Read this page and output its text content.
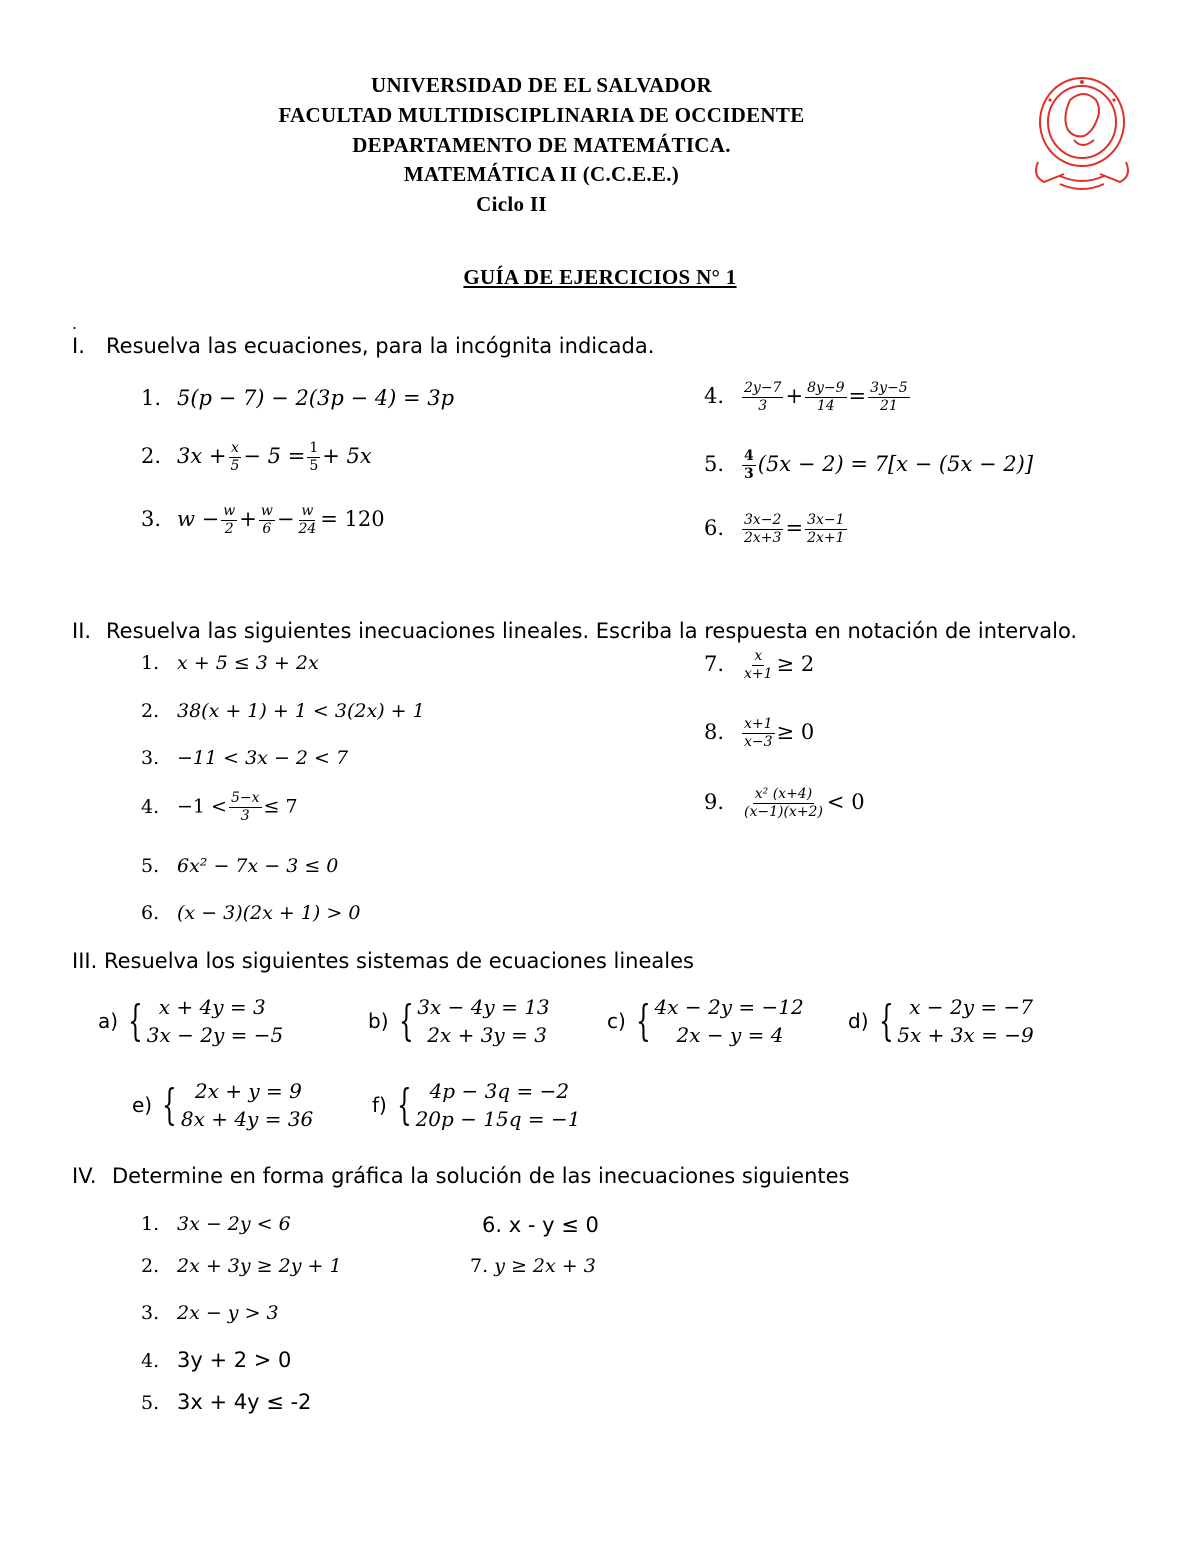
UNIVERSIDAD DE EL SALVADOR
FACULTAD MULTIDISCIPLINARIA DE OCCIDENTE
DEPARTAMENTO DE MATEMÁTICA.
MATEMÁTICA II (C.C.E.E.)
Ciclo II
GUÍA DE EJERCICIOS N° 1
.
I. Resuelva las ecuaciones, para la incógnita indicada.
1. 5(p − 7) − 2(3p − 4) = 3p
2. $3x + \frac{x}{5} - 5 = \frac{1}{5} + 5x$
3. $w - \frac{w}{2} + \frac{w}{6} - \frac{w}{24} = 120$
4. $\frac{2y-7}{3} + \frac{8y-9}{14} = \frac{3y-5}{21}$
5. $\frac{4}{3} (5x - 2) = 7[x - (5x - 2)]$
6. $\frac{3x-2}{2x+3} = \frac{3x-1}{2x+1}$
II. Resuelva las siguientes inecuaciones lineales. Escriba la respuesta en notación de intervalo.
1. x + 5 ≤ 3 + 2x
2. 38(x + 1) + 1 < 3(2x) + 1
3. −11 < 3x − 2 < 7
4. $-1 < \frac{5-x}{3} \le 7$
5. 6x² − 7x − 3 ≤ 0
6. (x − 3)(2x + 1) > 0
7. $\frac{x}{x+1} \ge 2$
8. $\frac{x+1}{x-3} \ge 0$
9. $\frac{\text{x² (x+4)}}{(x-1)(x+2)} < 0$
III. Resuelva los siguientes sistemas de ecuaciones lineales
a) { x + 4y = 3
3x − 2y = −5
b) { 3x − 4y = 13
2x + 3y = 3
c) { 4x − 2y = −12
2x − y = 4
d) { x − 2y = −7
5x + 3x = −9
e) { 2x + y = 9
8x + 4y = 36
f) { 4p − 3q = −2
20p − 15q = −1
IV. Determine en forma gráfica la solución de las inecuaciones siguientes
1. 3x − 2y < 6
2. 2x + 3y ≥ 2y + 1
3. 2x − y > 3
4. 3y + 2 > 0
5. 3x + 4y ≤ -2
6. x - y ≤ 0
7. y ≥ 2x + 3
